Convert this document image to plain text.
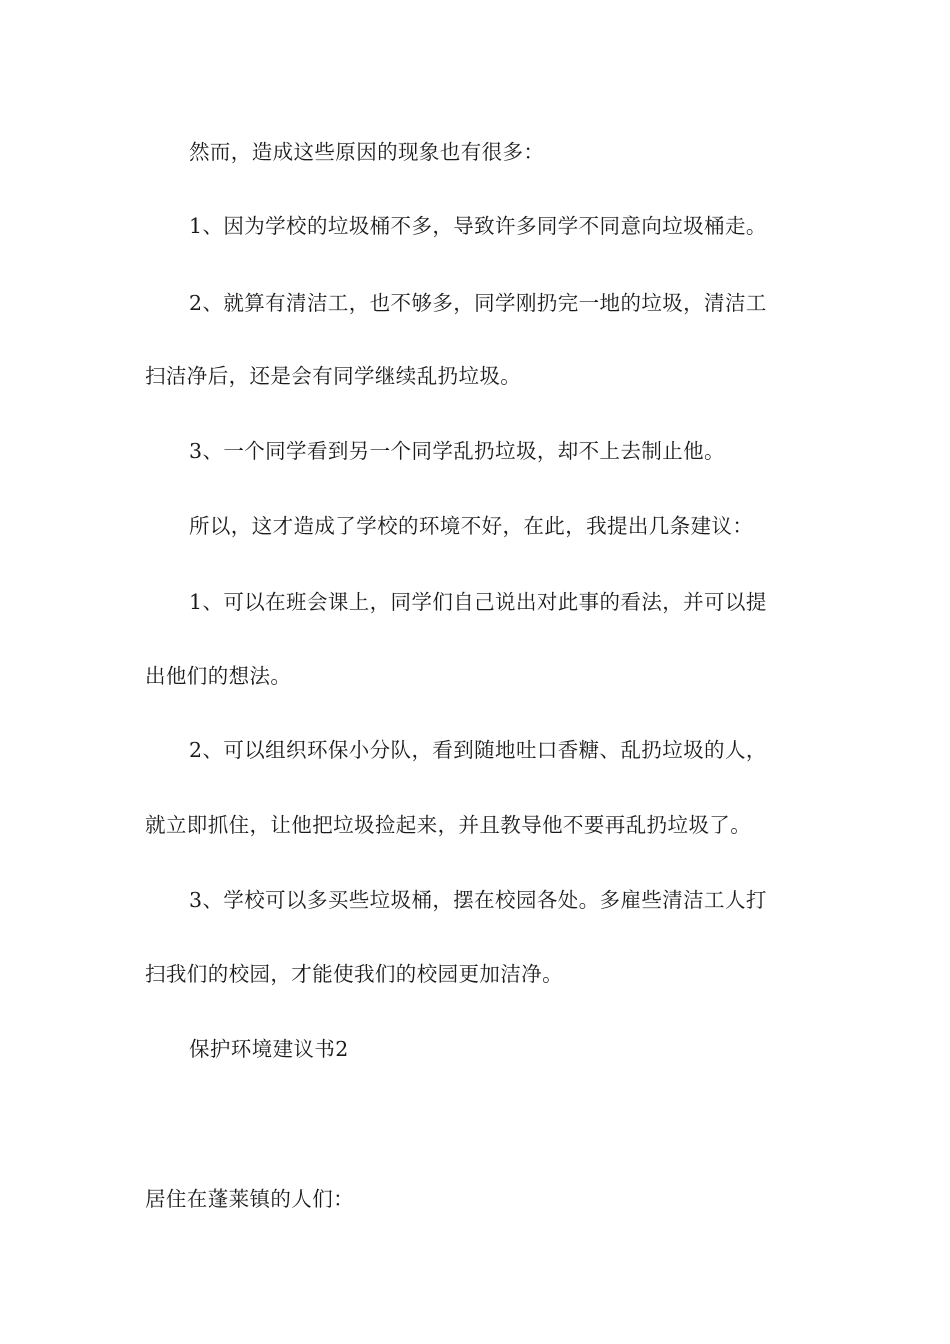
然而，造成这些原因的现象也有很多：

1、因为学校的垃圾桶不多，导致许多同学不同意向垃圾桶走。

2、就算有清洁工，也不够多，同学刚扔完一地的垃圾，清洁工

扫洁净后，还是会有同学继续乱扔垃圾。

3、一个同学看到另一个同学乱扔垃圾，却不上去制止他。

所以，这才造成了学校的环境不好，在此，我提出几条建议：

1、可以在班会课上，同学们自己说出对此事的看法，并可以提

出他们的想法。

2、可以组织环保小分队，看到随地吐口香糖、乱扔垃圾的人，

就立即抓住，让他把垃圾捡起来，并且教导他不要再乱扔垃圾了。

3、学校可以多买些垃圾桶，摆在校园各处。多雇些清洁工人打

扫我们的校园，才能使我们的校园更加洁净。

保护环境建议书2

居住在蓬莱镇的人们：
